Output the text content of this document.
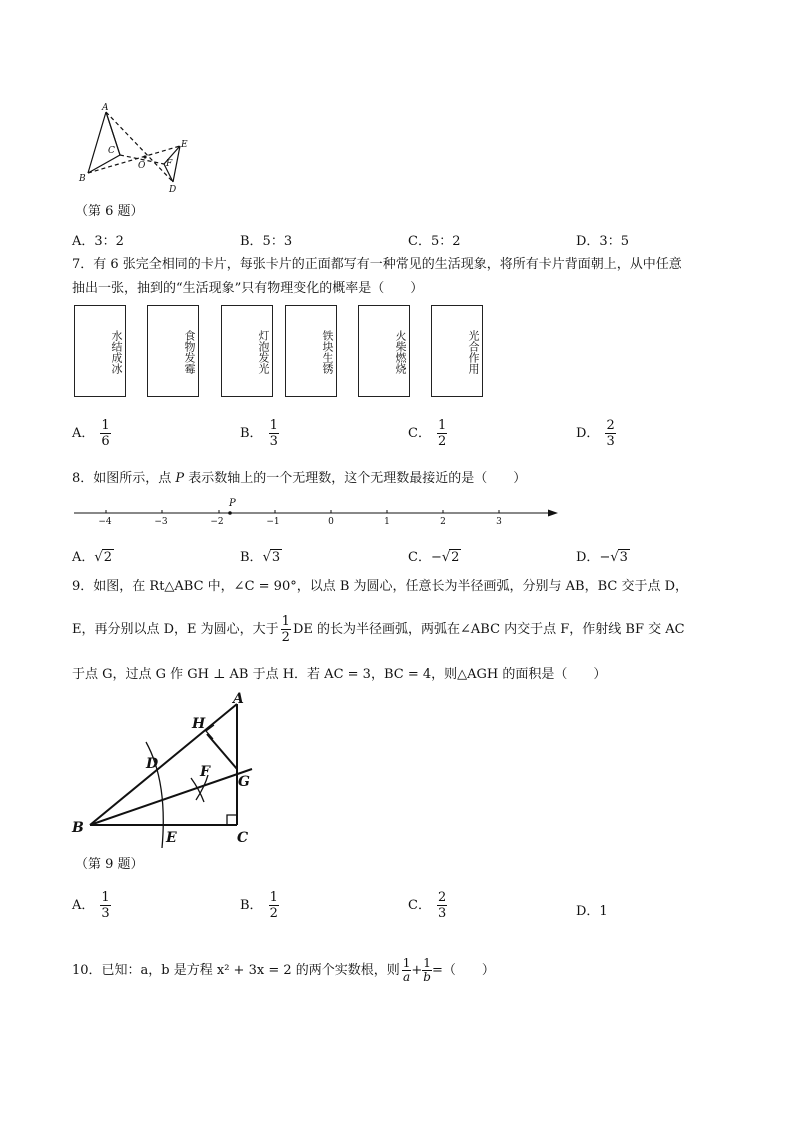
A
B
C
O
E
F
D
（第 6 题）
A．3：2	B．5：3	C．5：2	D．3：5
7．有 6 张完全相同的卡片，每张卡片的正面都写有一种常见的生活现象，将所有卡片背面朝上，从中任意
抽出一张，抽到的“生活现象”只有物理变化的概率是（　　）
水结成冰	食物发霉	灯泡发光	铁块生锈	火柴燃烧	光合作用
A． $\frac{1}{6}$	B． $\frac{1}{3}$	C． $\frac{1}{2}$	D． $\frac{2}{3}$
8．如图所示，点 P 表示数轴上的一个无理数，这个无理数最接近的是（　　）
P
−4	−3	−2	−1	0	1	2	3
A．√2	B．√3	C．−√2	D．−√3
9．如图，在 Rt△ABC 中，∠C = 90°，以点 B 为圆心，任意长为半径画弧，分别与 AB，BC 交于点 D，
E，再分别以点 D，E 为圆心，大于 $\frac{1}{2}$ DE 的长为半径画弧，两弧在∠ABC 内交于点 F，作射线 BF 交 AC
于点 G，过点 G 作 GH ⊥ AB 于点 H．若 AC = 3，BC = 4，则△AGH 的面积是（　　）
H
A
D	F
G
B
E	C
（第 9 题）
A． $\frac{1}{3}$	B． $\frac{1}{2}$	C． $\frac{2}{3}$	D．1
10．已知：a，b 是方程 x² + 3x = 2 的两个实数根，则 $\frac{1}{a} + \frac{1}{b}$ =（　　）
